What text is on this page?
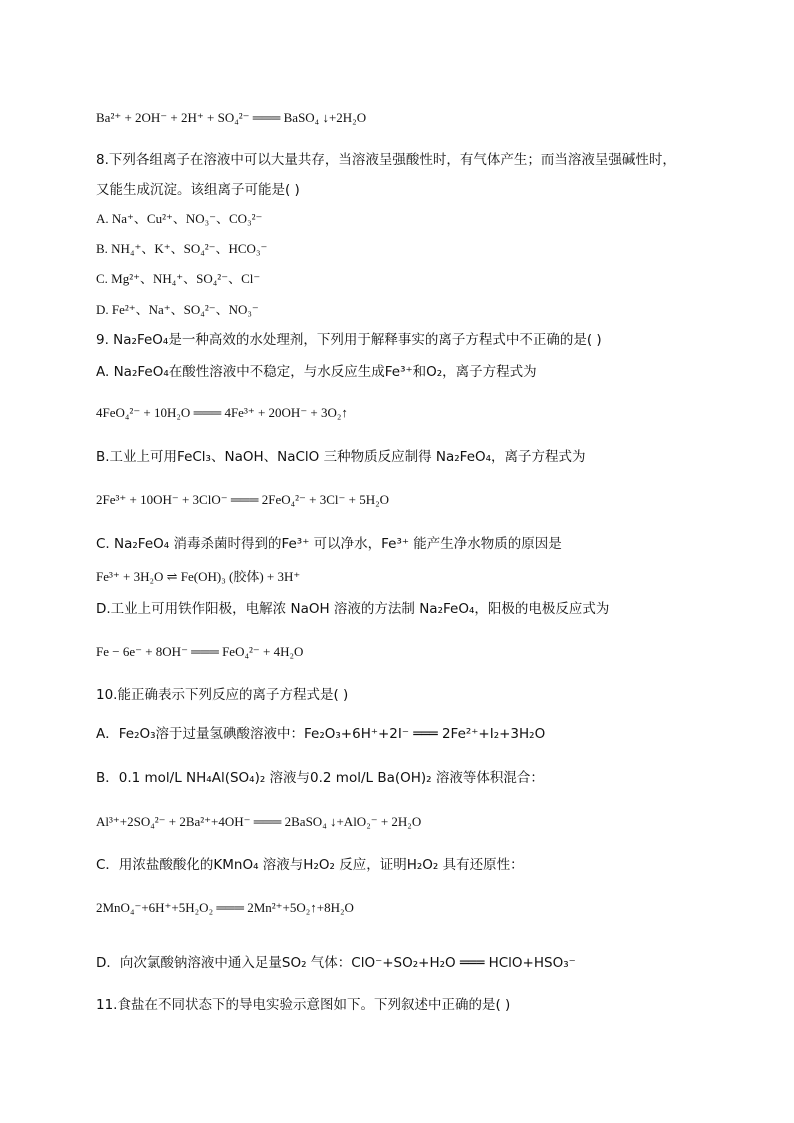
Ba²⁺ + 2OH⁻ + 2H⁺ + SO₄²⁻ ═══ BaSO₄ ↓+2H₂O
8.下列各组离子在溶液中可以大量共存，当溶液呈强酸性时，有气体产生；而当溶液呈强碱性时，
又能生成沉淀。该组离子可能是( )
A. Na⁺、Cu²⁺、NO₃⁻、CO₃²⁻
B. NH₄⁺、K⁺、SO₄²⁻、HCO₃⁻
C. Mg²⁺、NH₄⁺、SO₄²⁻、Cl⁻
D. Fe²⁺、Na⁺、SO₄²⁻、NO₃⁻
9. Na₂FeO₄是一种高效的水处理剂，下列用于解释事实的离子方程式中不正确的是( )
A. Na₂FeO₄在酸性溶液中不稳定，与水反应生成Fe³⁺和O₂，离子方程式为
4FeO₄²⁻ + 10H₂O ═══ 4Fe³⁺ + 20OH⁻ + 3O₂↑
B.工业上可用FeCl₃、NaOH、NaClO 三种物质反应制得 Na₂FeO₄，离子方程式为
2Fe³⁺ + 10OH⁻ + 3ClO⁻ ═══ 2FeO₄²⁻ + 3Cl⁻ + 5H₂O
C. Na₂FeO₄ 消毒杀菌时得到的Fe³⁺ 可以净水，Fe³⁺ 能产生净水物质的原因是
Fe³⁺ + 3H₂O ⇌ Fe(OH)₃ (胶体) + 3H⁺
D.工业上可用铁作阳极，电解浓 NaOH 溶液的方法制 Na₂FeO₄，阳极的电极反应式为
Fe − 6e⁻ + 8OH⁻ ═══ FeO₄²⁻ + 4H₂O
10.能正确表示下列反应的离子方程式是( )
A．Fe₂O₃溶于过量氢碘酸溶液中：Fe₂O₃+6H⁺+2I⁻ ═══ 2Fe²⁺+I₂+3H₂O
B．0.1 mol/L NH₄Al(SO₄)₂ 溶液与0.2 mol/L Ba(OH)₂ 溶液等体积混合：
Al³⁺+2SO₄²⁻ + 2Ba²⁺+4OH⁻ ═══ 2BaSO₄ ↓+AlO₂⁻ + 2H₂O
C．用浓盐酸酸化的KMnO₄ 溶液与H₂O₂ 反应，证明H₂O₂ 具有还原性：
2MnO₄⁻+6H⁺+5H₂O₂ ═══ 2Mn²⁺+5O₂↑+8H₂O
D．向次氯酸钠溶液中通入足量SO₂ 气体：ClO⁻+SO₂+H₂O ═══ HClO+HSO₃⁻
11.食盐在不同状态下的导电实验示意图如下。下列叙述中正确的是( )
